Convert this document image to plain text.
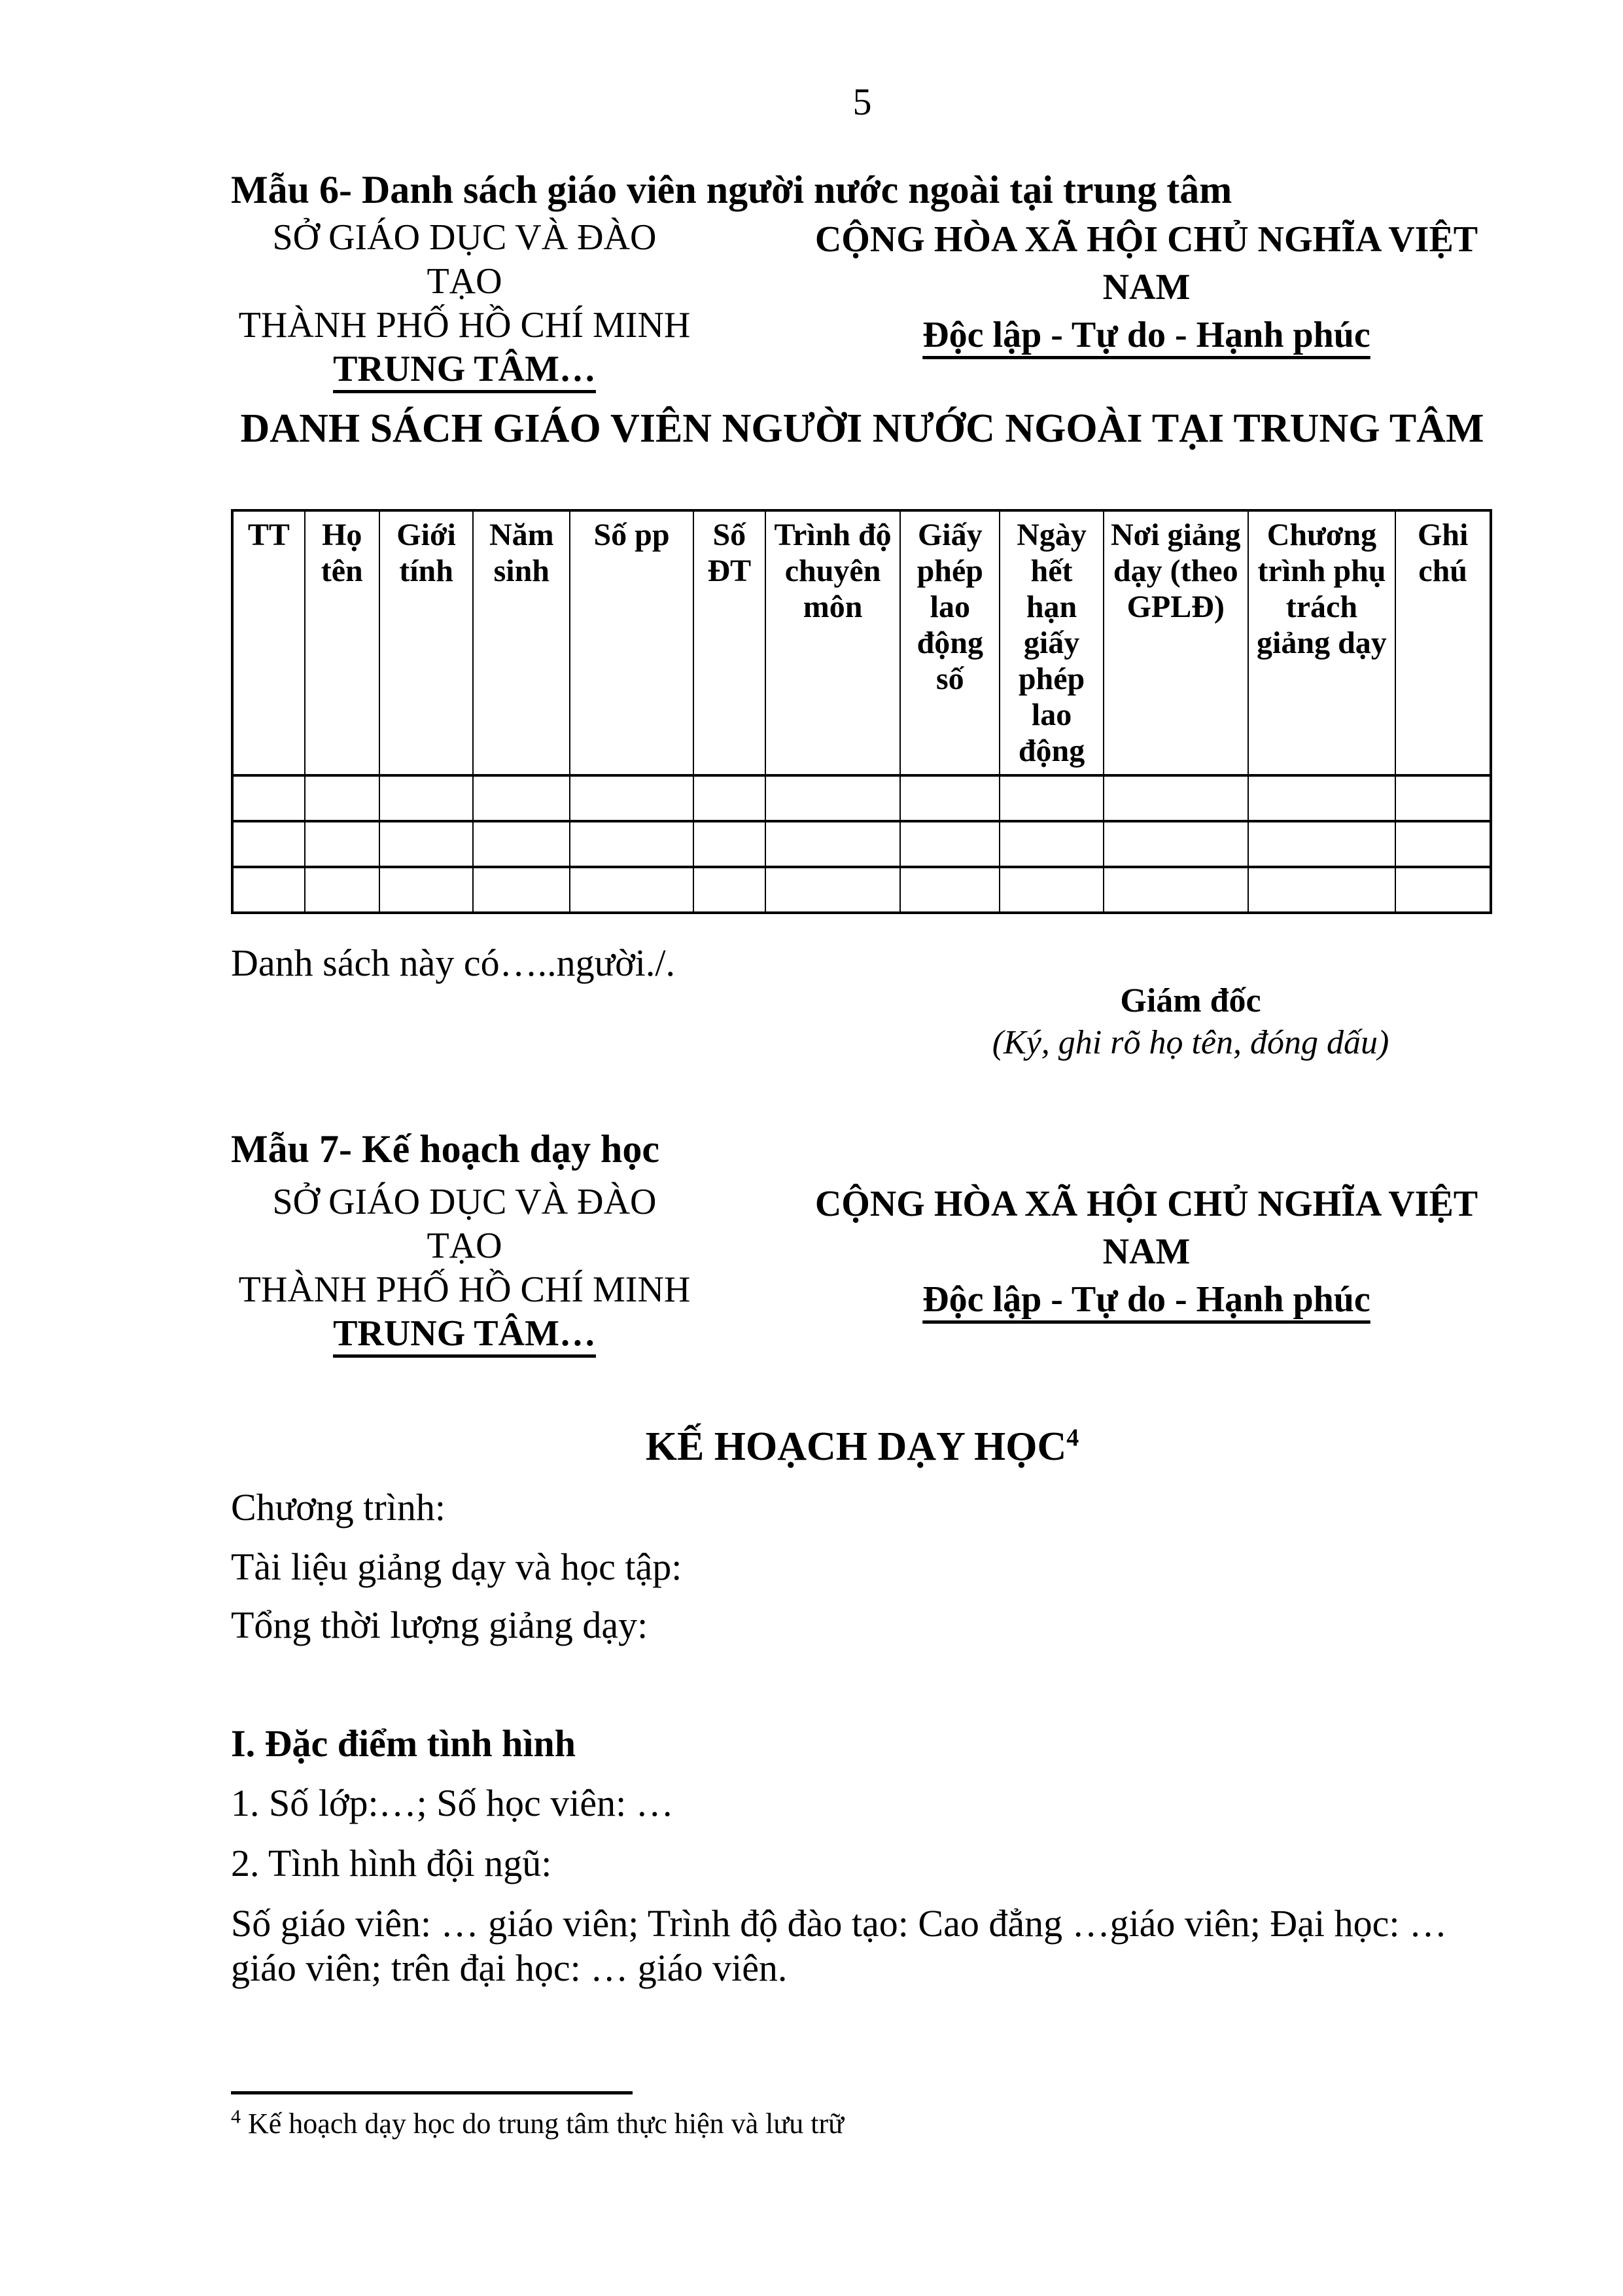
5
Mẫu 6- Danh sách giáo viên người nước ngoài tại trung tâm
SỞ GIÁO DỤC VÀ ĐÀO TẠO
THÀNH PHỐ HỒ CHÍ MINH
TRUNG TÂM…
CỘNG HÒA XÃ HỘI CHỦ NGHĨA VIỆT NAM
Độc lập - Tự do - Hạnh phúc
DANH SÁCH GIÁO VIÊN NGƯỜI NƯỚC NGOÀI TẠI TRUNG TÂM
TT	Họ tên	Giới tính	Năm sinh	Số pp	Số ĐT	Trình độ chuyên môn	Giấy phép lao động số	Ngày hết hạn giấy phép lao động	Nơi giảng dạy (theo GPLĐ)	Chương trình phụ trách giảng dạy	Ghi chú

Danh sách này có…..người./.
Giám đốc
(Ký, ghi rõ họ tên, đóng dấu)
Mẫu 7- Kế hoạch dạy học
SỞ GIÁO DỤC VÀ ĐÀO TẠO
THÀNH PHỐ HỒ CHÍ MINH
TRUNG TÂM…
CỘNG HÒA XÃ HỘI CHỦ NGHĨA VIỆT NAM
Độc lập - Tự do - Hạnh phúc
KẾ HOẠCH DẠY HỌC$^4$
Chương trình:
Tài liệu giảng dạy và học tập:
Tổng thời lượng giảng dạy:
I. Đặc điểm tình hình
1. Số lớp:…; Số học viên: …
2. Tình hình đội ngũ:
Số giáo viên: … giáo viên; Trình độ đào tạo: Cao đẳng …giáo viên; Đại học: … giáo viên; trên đại học: … giáo viên.
$^4$ Kế hoạch dạy học do trung tâm thực hiện và lưu trữ
